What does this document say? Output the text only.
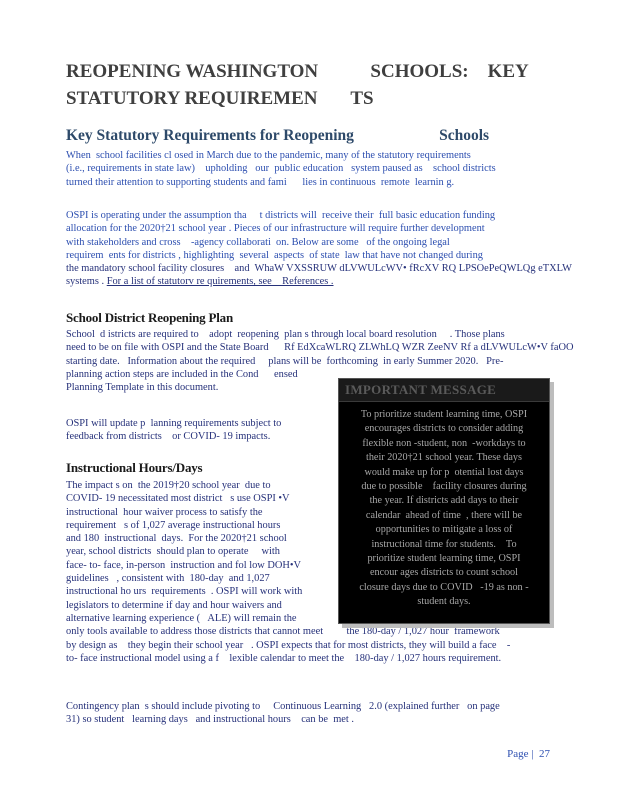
REOPENING WASHINGTON           SCHOOLS:    KEY
STATUTORY REQUIREMEN       TS
Key Statutory Requirements for Reopening                      Schools

When  school facilities cl osed in March due to the pandemic, many of the statutory requirements
(i.e., requirements in state law)    upholding   our  public education   system paused as    school districts
turned their attention to supporting students and fami      lies in continuous  remote  learnin g.

OSPI is operating under the assumption tha     t districts will  receive their  full basic education funding
allocation for the 2020†21 school year . Pieces of our infrastructure will require further development
with stakeholders and cross    -agency collaborati  on. Below are some   of the ongoing legal
requirem  ents for districts , highlighting  several  aspects  of state  law that have not changed during
the mandatory school facility closures    and  WhaW VXSSRUW dLVWULcWV• fRcXV RQ LPSOePeQWLQg eTXLW
systems . For a list of statutorv re quirements, see    References .

School District Reopening Plan

School  d istricts are required to    adopt  reopening  plan s through local board resolution     . Those plans
need to be on file with OSPI and the State Board      Rf EdXcaWLRQ ZLWhLQ WZR ZeeNV Rf a dLVWULcW•V faOO
starting date.   Information about the required     plans will be  forthcoming  in early Summer 2020.   Pre-
planning action steps are included in the Cond      ensed
Planning Template in this document.

OSPI will update p  lanning requirements subject to
feedback from districts    or COVID- 19 impacts.

Instructional Hours/Days

The impact s on  the 2019†20 school year  due to
COVID- 19 necessitated most district   s use OSPI •V
instructional  hour waiver process to satisfy the
requirement   s of 1,027 average instructional hours
and 180  instructional  days.  For the 2020†21 school
year, school districts  should plan to operate     with
face- to- face, in-person  instruction and fol low DOH•V
guidelines   , consistent with  180-day  and 1,027
instructional ho urs  requirements  . OSPI will work with
legislators to determine if day and hour waivers and
alternative learning experience (   ALE) will remain the
only tools available to address those districts that cannot meet         the 180-day / 1,027 hour  framework
by design as    they begin their school year   . OSPI expects that for most districts, they will build a face    -
to- face instructional model using a f    lexible calendar to meet the    180-day / 1,027 hours requirement.

Contingency plan  s should include pivoting to     Continuous Learning   2.0 (explained further   on page
31) so student   learning days   and instructional hours    can be  met .

IMPORTANT MESSAGE

To prioritize student learning time, OSPI
encourages districts to consider adding
flexible non -student, non  -workdays to
their 2020†21 school year. These days
would make up for p  otential lost days
due to possible    facility closures during
the year. If districts add days to their
calendar  ahead of time  , there will be
opportunities to mitigate a loss of
instructional time for students.    To
prioritize student learning time, OSPI
encour ages districts to count school
closure days due to COVID   -19 as non -
student days.

Page |  27
